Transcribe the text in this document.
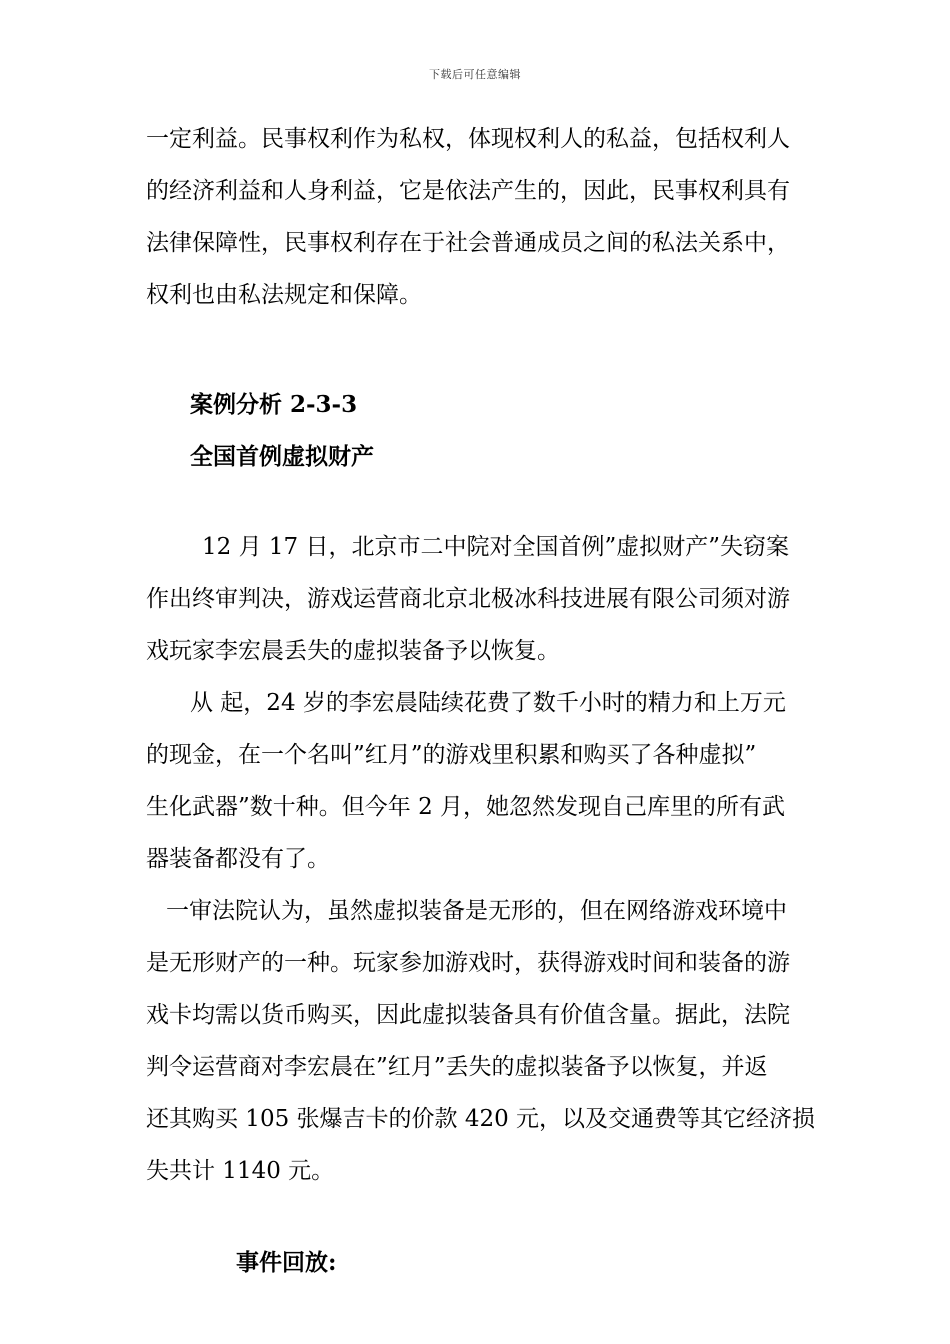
下载后可任意编辑
一定利益。民事权利作为私权，体现权利人的私益，包括权利人
的经济利益和人身利益，它是依法产生的，因此，民事权利具有
法律保障性，民事权利存在于社会普通成员之间的私法关系中，
权利也由私法规定和保障。
案例分析 2-3-3
全国首例虚拟财产
12 月 17 日，北京市二中院对全国首例”虚拟财产”失窃案
作出终审判决，游戏运营商北京北极冰科技进展有限公司须对游
戏玩家李宏晨丢失的虚拟装备予以恢复。
从 起，24 岁的李宏晨陆续花费了数千小时的精力和上万元
的现金，在一个名叫”红月”的游戏里积累和购买了各种虚拟”
生化武器”数十种。但今年 2 月，她忽然发现自己库里的所有武
器装备都没有了。
一审法院认为，虽然虚拟装备是无形的，但在网络游戏环境中
是无形财产的一种。玩家参加游戏时，获得游戏时间和装备的游
戏卡均需以货币购买，因此虚拟装备具有价值含量。据此，法院
判令运营商对李宏晨在”红月”丢失的虚拟装备予以恢复，并返
还其购买 105 张爆吉卡的价款 420 元，以及交通费等其它经济损
失共计 1140 元。
事件回放:
